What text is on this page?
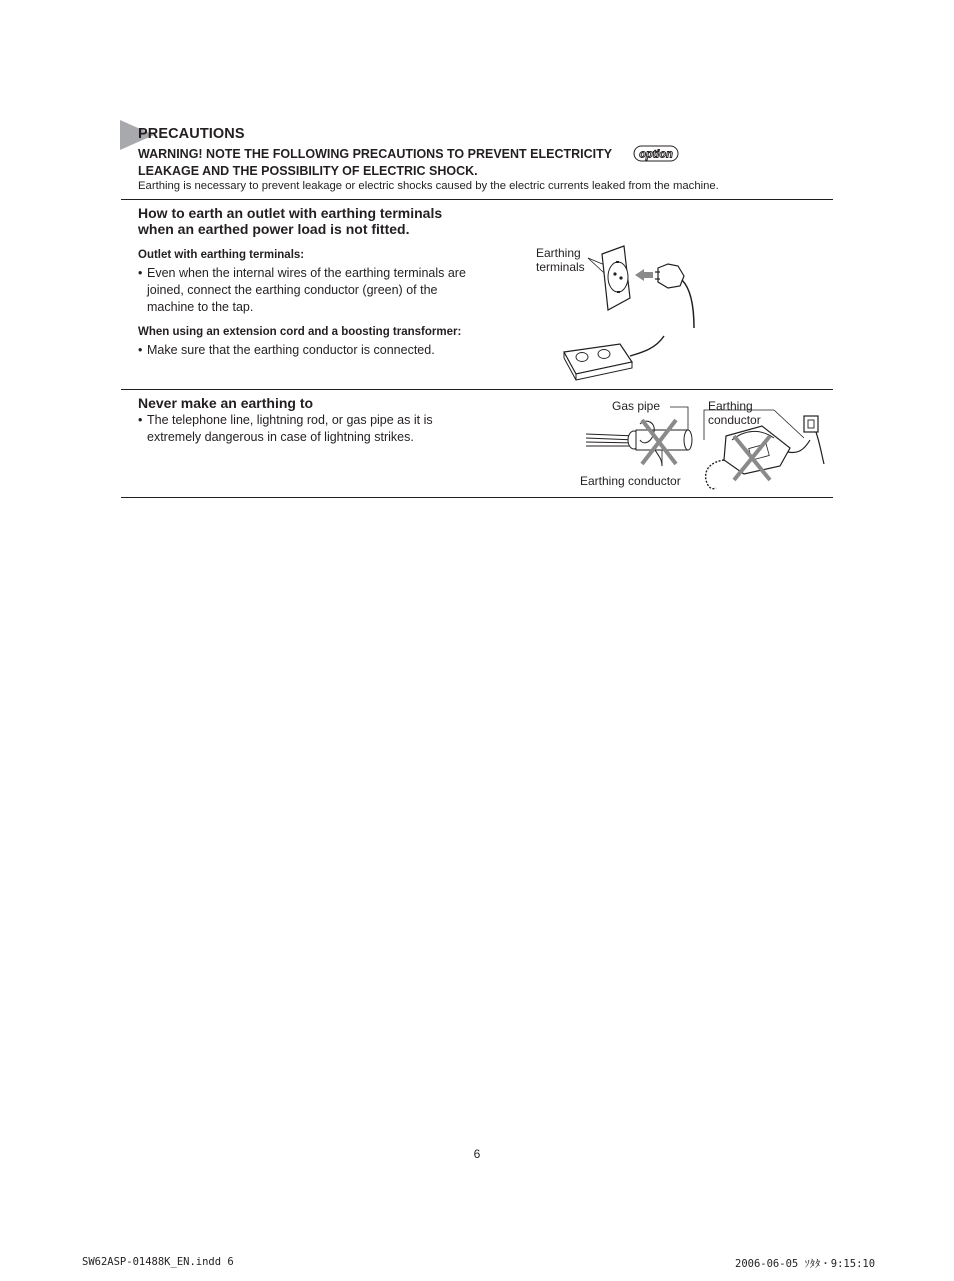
PRECAUTIONS
WARNING! NOTE THE FOLLOWING PRECAUTIONS TO PREVENT ELECTRICITY
LEAKAGE AND THE POSSIBILITY OF ELECTRIC SHOCK.
option
Earthing is necessary to prevent leakage or electric shocks caused by the electric currents leaked from the machine.
How to earth an outlet with earthing terminals
when an earthed power load is not fitted.
Outlet with earthing terminals:
• Even when the internal wires of the earthing terminals are
joined, connect the earthing conductor (green) of the
machine to the tap.
When using an extension cord and a boosting transformer:
• Make sure that the earthing conductor is connected.
Earthing
terminals
Never make an earthing to
• The telephone line, lightning rod, or gas pipe as it is
extremely dangerous in case of lightning strikes.
Gas pipe	Earthing
conductor
Earthing conductor
6
SW62ASP-01488K_EN.indd 6	2006-06-05 ｿﾀﾀ・9:15:10
